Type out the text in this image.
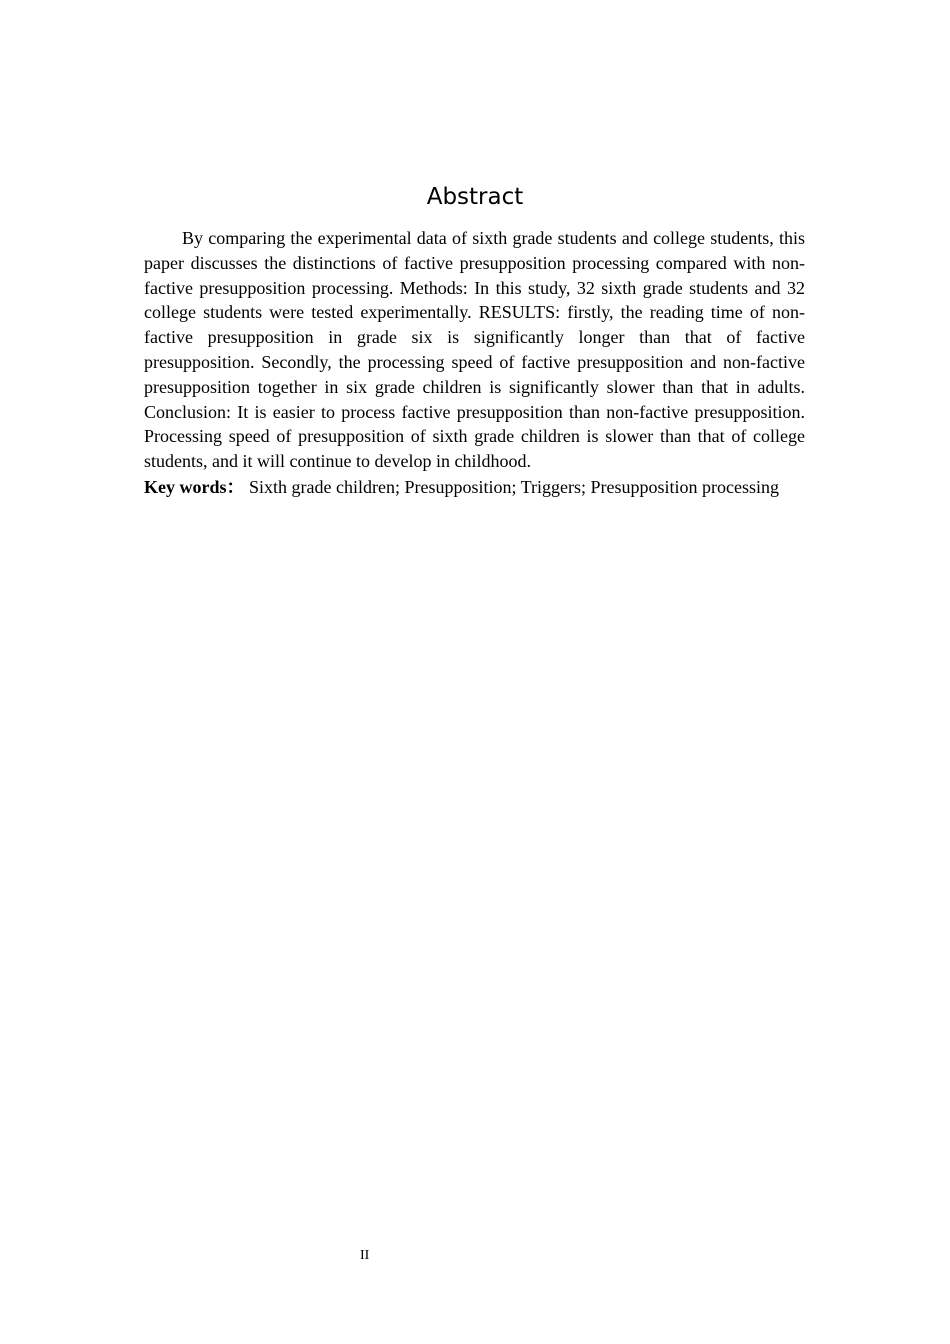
Abstract

By comparing the experimental data of sixth grade students and college students, this paper discusses the distinctions of factive presupposition processing compared with non-factive presupposition processing. Methods: In this study, 32 sixth grade students and 32 college students were tested experimentally. RESULTS: firstly, the reading time of non-factive presupposition in grade six is significantly longer than that of factive presupposition. Secondly, the processing speed of factive presupposition and non-factive presupposition together in six grade children is significantly slower than that in adults. Conclusion: It is easier to process factive presupposition than non-factive presupposition. Processing speed of presupposition of sixth grade children is slower than that of college students, and it will continue to develop in childhood.

Key words： Sixth grade children; Presupposition; Triggers; Presupposition processing

II
